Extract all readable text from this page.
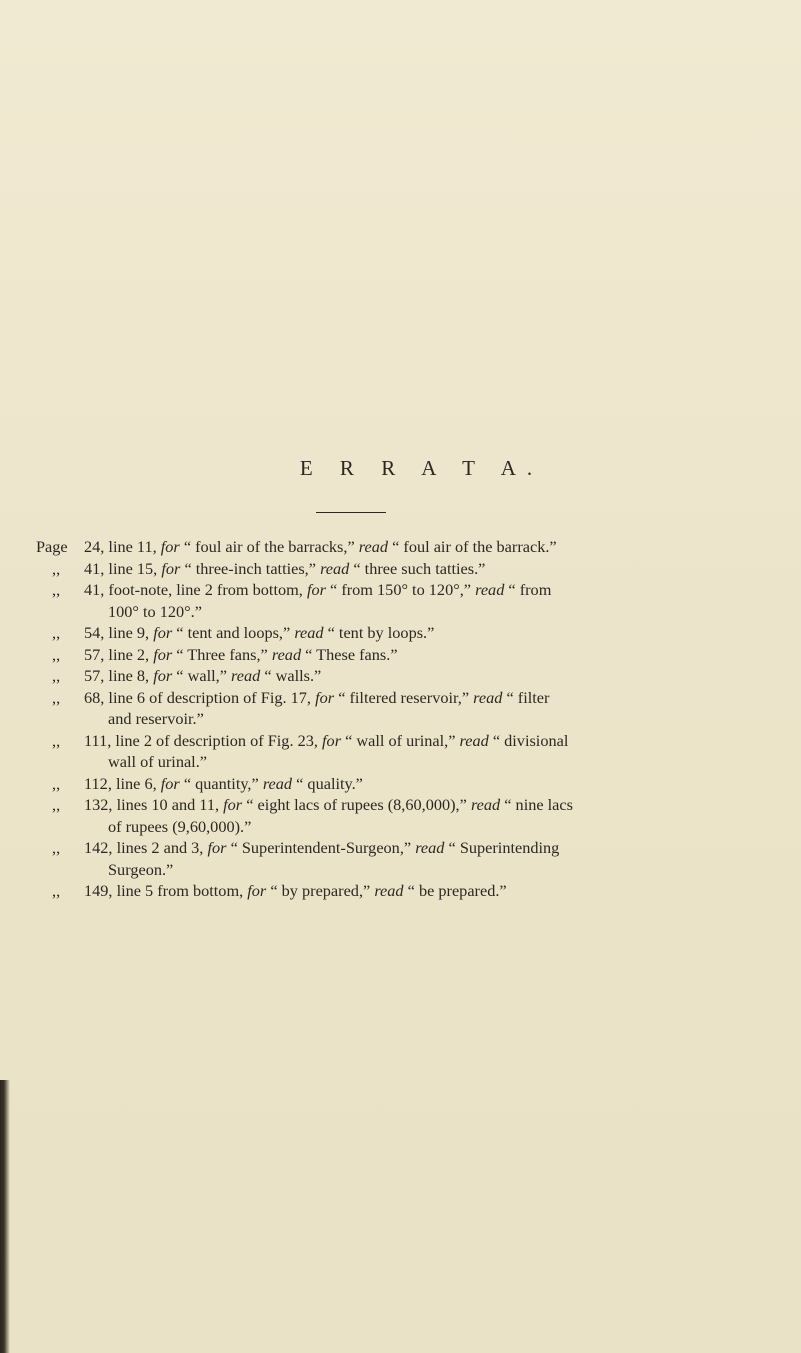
E R R A T A.
Page	24, line 11, for “ foul air of the barracks,” read “ foul air of the barrack.”
,,	41, line 15, for “ three-inch tatties,” read “ three such tatties.”
,,	41, foot-note, line 2 from bottom, for “ from 150° to 120°,” read “ from
100° to 120°.”
,,	54, line 9, for “ tent and loops,” read “ tent by loops.”
,,	57, line 2, for “ Three fans,” read “ These fans.”
,,	57, line 8, for “ wall,” read “ walls.”
,,	68, line 6 of description of Fig. 17, for “ filtered reservoir,” read “ filter
and reservoir.”
,,	111, line 2 of description of Fig. 23, for “ wall of urinal,” read “ divisional
wall of urinal.”
,,	112, line 6, for “ quantity,” read “ quality.”
,,	132, lines 10 and 11, for “ eight lacs of rupees (8,60,000),” read “ nine lacs
of rupees (9,60,000).”
,,	142, lines 2 and 3, for “ Superintendent-Surgeon,” read “ Superintending
Surgeon.”
,,	149, line 5 from bottom, for “ by prepared,” read “ be prepared.”
